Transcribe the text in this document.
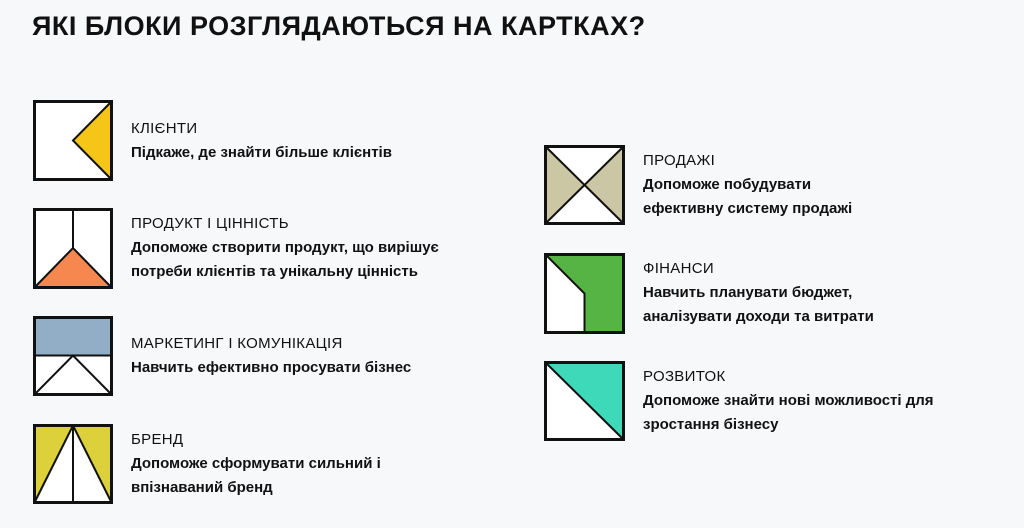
ЯКІ БЛОКИ РОЗГЛЯДАЮТЬСЯ НА КАРТКАХ?
КЛІЄНТИ
Підкаже, де знайти більше клієнтів
ПРОДУКТ І ЦІННІСТЬ
Допоможе створити продукт, що вирішує
потреби клієнтів та унікальну цінність
МАРКЕТИНГ І КОМУНІКАЦІЯ
Навчить ефективно просувати бізнес
БРЕНД
Допоможе сформувати сильний і
впізнаваний бренд
ПРОДАЖІ
Допоможе побудувати
ефективну систему продажі
ФІНАНСИ
Навчить планувати бюджет,
аналізувати доходи та витрати
РОЗВИТОК
Допоможе знайти нові можливості для
зростання бізнесу
